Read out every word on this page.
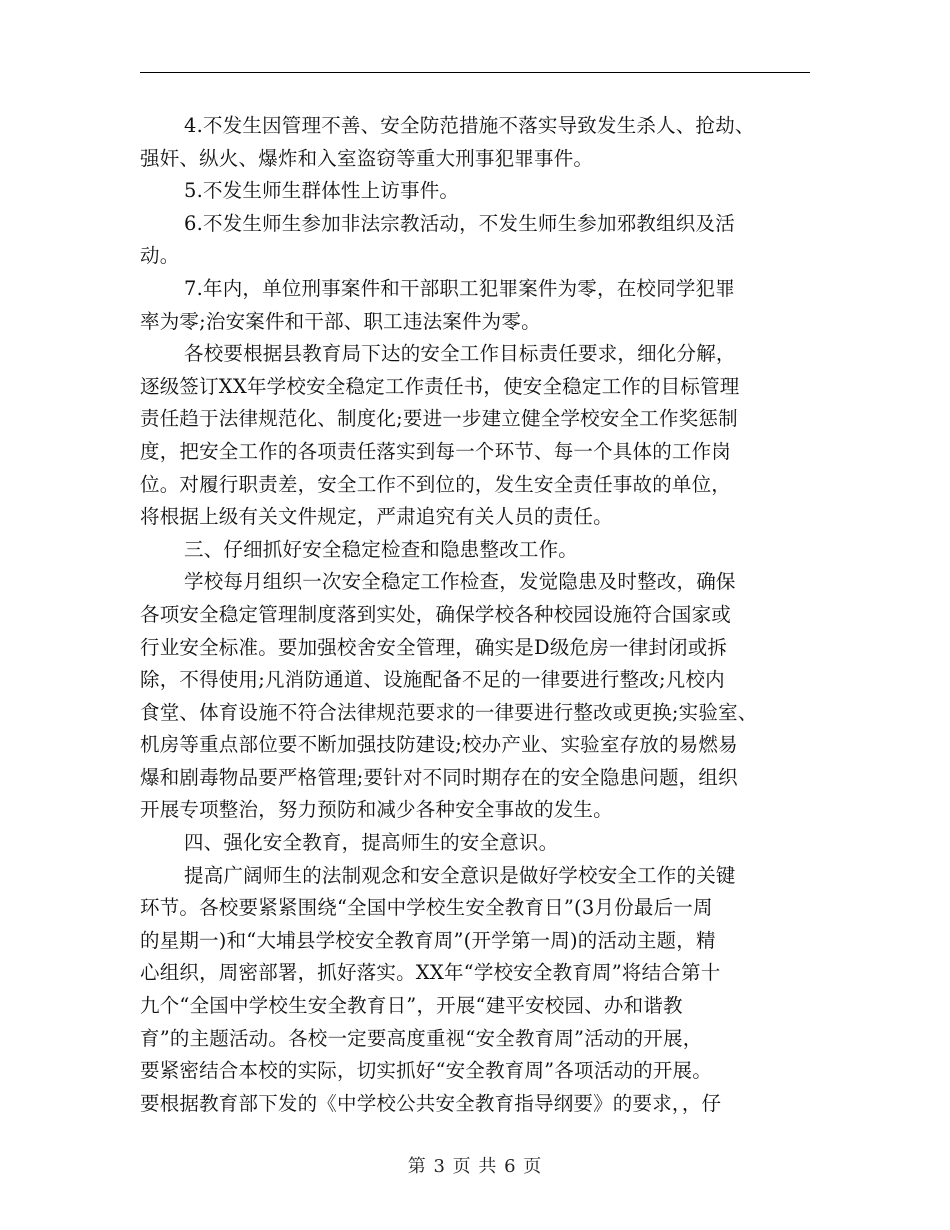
4.不发生因管理不善、安全防范措施不落实导致发生杀人、抢劫、
强奸、纵火、爆炸和入室盗窃等重大刑事犯罪事件。
5.不发生师生群体性上访事件。
6.不发生师生参加非法宗教活动，不发生师生参加邪教组织及活
动。
7.年内，单位刑事案件和干部职工犯罪案件为零，在校同学犯罪
率为零;治安案件和干部、职工违法案件为零。
各校要根据县教育局下达的安全工作目标责任要求，细化分解，
逐级签订XX年学校安全稳定工作责任书，使安全稳定工作的目标管理
责任趋于法律规范化、制度化;要进一步建立健全学校安全工作奖惩制
度，把安全工作的各项责任落实到每一个环节、每一个具体的工作岗
位。对履行职责差，安全工作不到位的，发生安全责任事故的单位，
将根据上级有关文件规定，严肃追究有关人员的责任。
三、仔细抓好安全稳定检查和隐患整改工作。
学校每月组织一次安全稳定工作检查，发觉隐患及时整改，确保
各项安全稳定管理制度落到实处，确保学校各种校园设施符合国家或
行业安全标准。要加强校舍安全管理，确实是D级危房一律封闭或拆
除，不得使用;凡消防通道、设施配备不足的一律要进行整改;凡校内
食堂、体育设施不符合法律规范要求的一律要进行整改或更换;实验室、
机房等重点部位要不断加强技防建设;校办产业、实验室存放的易燃易
爆和剧毒物品要严格管理;要针对不同时期存在的安全隐患问题，组织
开展专项整治，努力预防和减少各种安全事故的发生。
四、强化安全教育，提高师生的安全意识。
提高广阔师生的法制观念和安全意识是做好学校安全工作的关键
环节。各校要紧紧围绕“全国中学校生安全教育日”(3月份最后一周
的星期一)和“大埔县学校安全教育周”(开学第一周)的活动主题，精
心组织，周密部署，抓好落实。XX年“学校安全教育周”将结合第十
九个“全国中学校生安全教育日”，开展“建平安校园、办和谐教
育”的主题活动。各校一定要高度重视“安全教育周”活动的开展，
要紧密结合本校的实际，切实抓好“安全教育周”各项活动的开展。
要根据教育部下发的《中学校公共安全教育指导纲要》的要求，，仔
第 3 页 共 6 页
